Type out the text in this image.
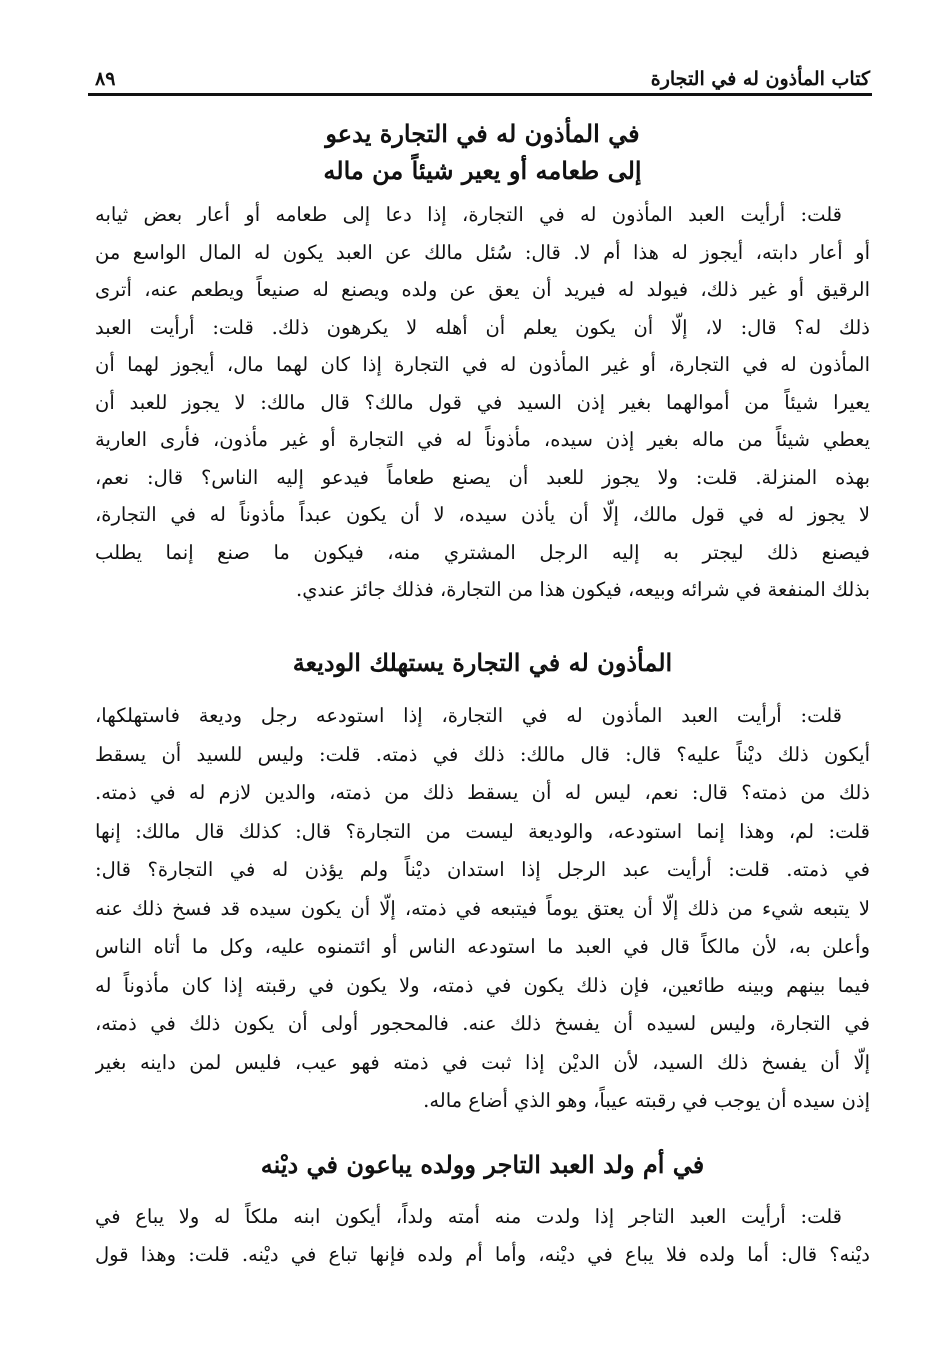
كتاب المأذون له في التجارة
٨٩
في المأذون له في التجارة يدعو
إلى طعامه أو يعير شيئاً من ماله
قلت: أرأيت العبد المأذون له في التجارة، إذا دعا إلى طعامه أو أعار بعض ثيابه
أو أعار دابته، أيجوز له هذا أم لا. قال: سُئل مالك عن العبد يكون له المال الواسع من
الرقيق أو غير ذلك، فيولد له فيريد أن يعق عن ولده ويصنع له صنيعاً ويطعم عنه، أترى
ذلك له؟ قال: لا، إلّا أن يكون يعلم أن أهله لا يكرهون ذلك. قلت: أرأيت العبد
المأذون له في التجارة، أو غير المأذون له في التجارة إذا كان لهما مال، أيجوز لهما أن
يعيرا شيئاً من أموالهما بغير إذن السيد في قول مالك؟ قال مالك: لا يجوز للعبد أن
يعطي شيئاً من ماله بغير إذن سيده، مأذوناً له في التجارة أو غير مأذون، فأرى العارية
بهذه المنزلة. قلت: ولا يجوز للعبد أن يصنع طعاماً فيدعو إليه الناس؟ قال: نعم،
لا يجوز له في قول مالك، إلّا أن يأذن سيده، لا أن يكون عبداً مأذوناً له في التجارة،
فيصنع ذلك ليجتر به إليه الرجل المشتري منه، فيكون ما صنع إنما يطلب
بذلك المنفعة في شرائه وبيعه، فيكون هذا من التجارة، فذلك جائز عندي.
المأذون له في التجارة يستهلك الوديعة
قلت: أرأيت العبد المأذون له في التجارة، إذا استودعه رجل وديعة فاستهلكها،
أيكون ذلك ديْناً عليه؟ قال: قال مالك: ذلك في ذمته. قلت: وليس للسيد أن يسقط
ذلك من ذمته؟ قال: نعم، ليس له أن يسقط ذلك من ذمته، والدين لازم له في ذمته.
قلت: لم، وهذا إنما استودعه، والوديعة ليست من التجارة؟ قال: كذلك قال مالك: إنها
في ذمته. قلت: أرأيت عبد الرجل إذا استدان ديْناً ولم يؤذن له في التجارة؟ قال:
لا يتبعه شيء من ذلك إلّا أن يعتق يوماً فيتبعه في ذمته، إلّا أن يكون سيده قد فسخ ذلك عنه
وأعلن به، لأن مالكاً قال في العبد ما استودعه الناس أو ائتمنوه عليه، وكل ما أتاه الناس
فيما بينهم وبينه طائعين، فإن ذلك يكون في ذمته، ولا يكون في رقبته إذا كان مأذوناً له
في التجارة، وليس لسيده أن يفسخ ذلك عنه. فالمحجور أولى أن يكون ذلك في ذمته،
إلّا أن يفسخ ذلك السيد، لأن الديْن إذا ثبت في ذمته فهو عيب، فليس لمن داينه بغير
إذن سيده أن يوجب في رقبته عيباً، وهو الذي أضاع ماله.
في أم ولد العبد التاجر وولده يباعون في ديْنه
قلت: أرأيت العبد التاجر إذا ولدت منه أمته ولداً، أيكون ابنه ملكاً له ولا يباع في
ديْنه؟ قال: أما ولده فلا يباع في ديْنه، وأما أم ولده فإنها تباع في ديْنه. قلت: وهذا قول
